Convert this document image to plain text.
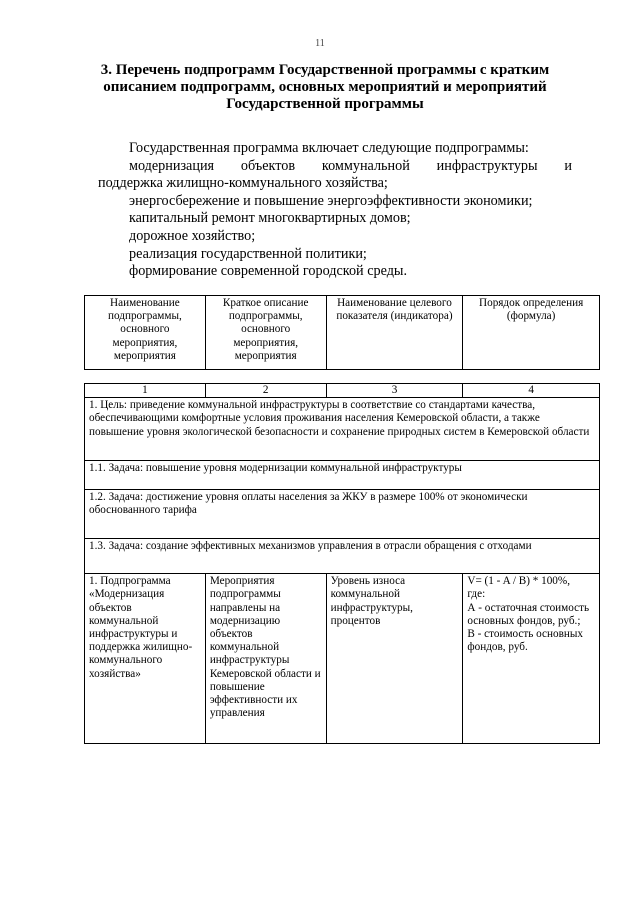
11
3. Перечень подпрограмм Государственной программы с кратким описанием подпрограмм, основных мероприятий и мероприятий Государственной программы

Государственная программа включает следующие подпрограммы:

модернизация объектов коммунальной инфраструктуры и

поддержка жилищно-коммунального хозяйства;

энергосбережение и повышение энергоэффективности экономики;

капитальный ремонт многоквартирных домов;

дорожное хозяйство;

реализация государственной политики;

формирование современной городской среды.

Наименование подпрограммы, основного мероприятия, мероприятия	Краткое описание подпрограммы, основного мероприятия, мероприятия	Наименование целевого показателя (индикатора)	Порядок определения (формула)
1	2	3	4
1. Цель: приведение коммунальной инфраструктуры в соответствие со стандартами качества, обеспечивающими комфортные условия проживания населения Кемеровской области, а также повышение уровня экологической безопасности и сохранение природных систем в Кемеровской области			
1.1. Задача: повышение уровня модернизации коммунальной инфраструктуры			
1.2. Задача: достижение уровня оплаты населения за ЖКУ в размере 100% от экономически обоснованного тарифа			
1.3. Задача: создание эффективных механизмов управления в отрасли обращения с отходами			
1. Подпрограмма «Модернизация объектов коммунальной инфраструктуры и поддержка жилищно-коммунального хозяйства»	Мероприятия подпрограммы направлены на модернизацию объектов коммунальной инфраструктуры Кемеровской области и повышение эффективности их управления	Уровень износа коммунальной инфраструктуры, процентов	V= (1 - A / B) * 100%,
где:
А - остаточная стоимость основных фондов, руб.;
В - стоимость основных фондов, руб.
